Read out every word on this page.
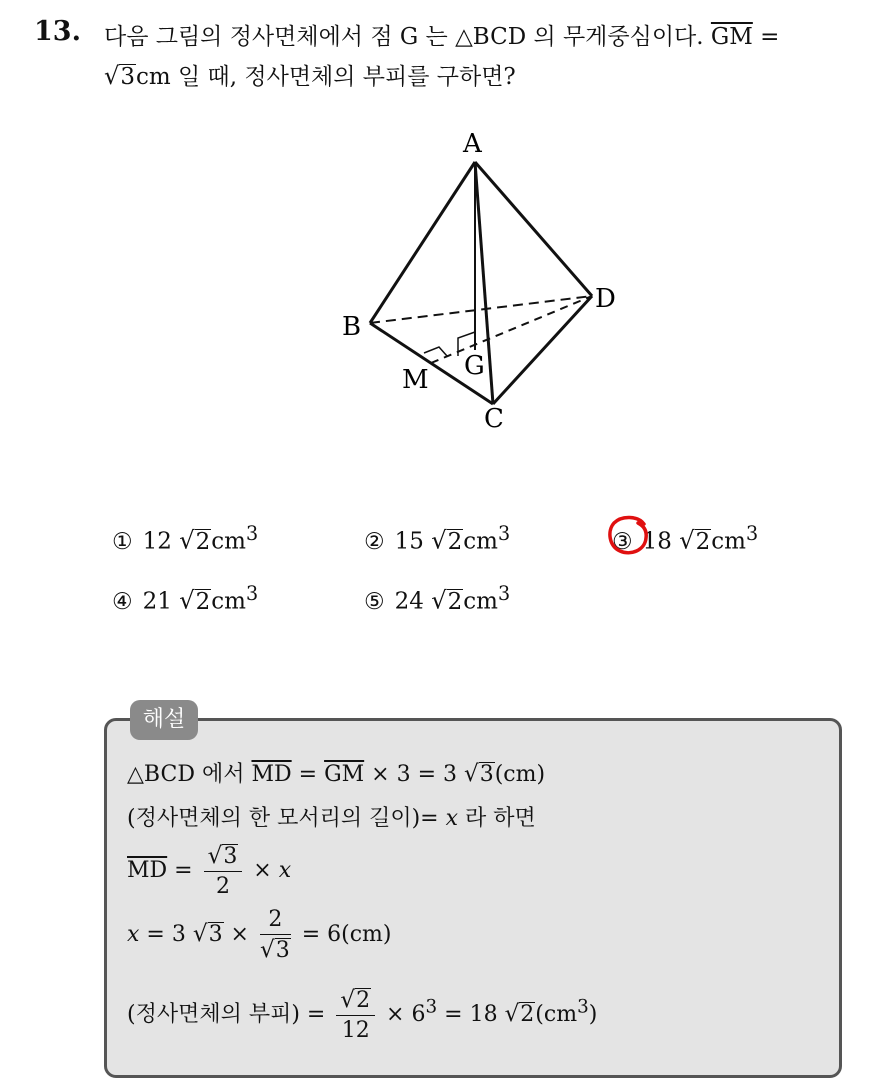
13. 다음 그림의 정사면체에서 점 G 는 △BCD 의 무게중심이다. $\overline{GM}$ =
√3cm 일 때, 정사면체의 부피를 구하면?
A
B
D
C
G
M
① 12 $√2cm^3$	② 15 $√2cm^3$	③ 18 $√2cm^3$
④ 21 $√2cm^3$	⑤ 24 $√2cm^3$
△BCD 에서 $\overline{MD} = \overline{GM} \times 3 = 3$ √3(cm)
(정사면체의 한 모서리의 길이)= x 라 하면
$\overline{MD} = \frac{√3}{2} \times x$
x = 3 $√3 \times \frac{2}{√3} = 6(cm)$
(정사면체의 부피) = $\frac{√2}{12} \times 6^3 = 18$ $√2(cm^3)$
해설
